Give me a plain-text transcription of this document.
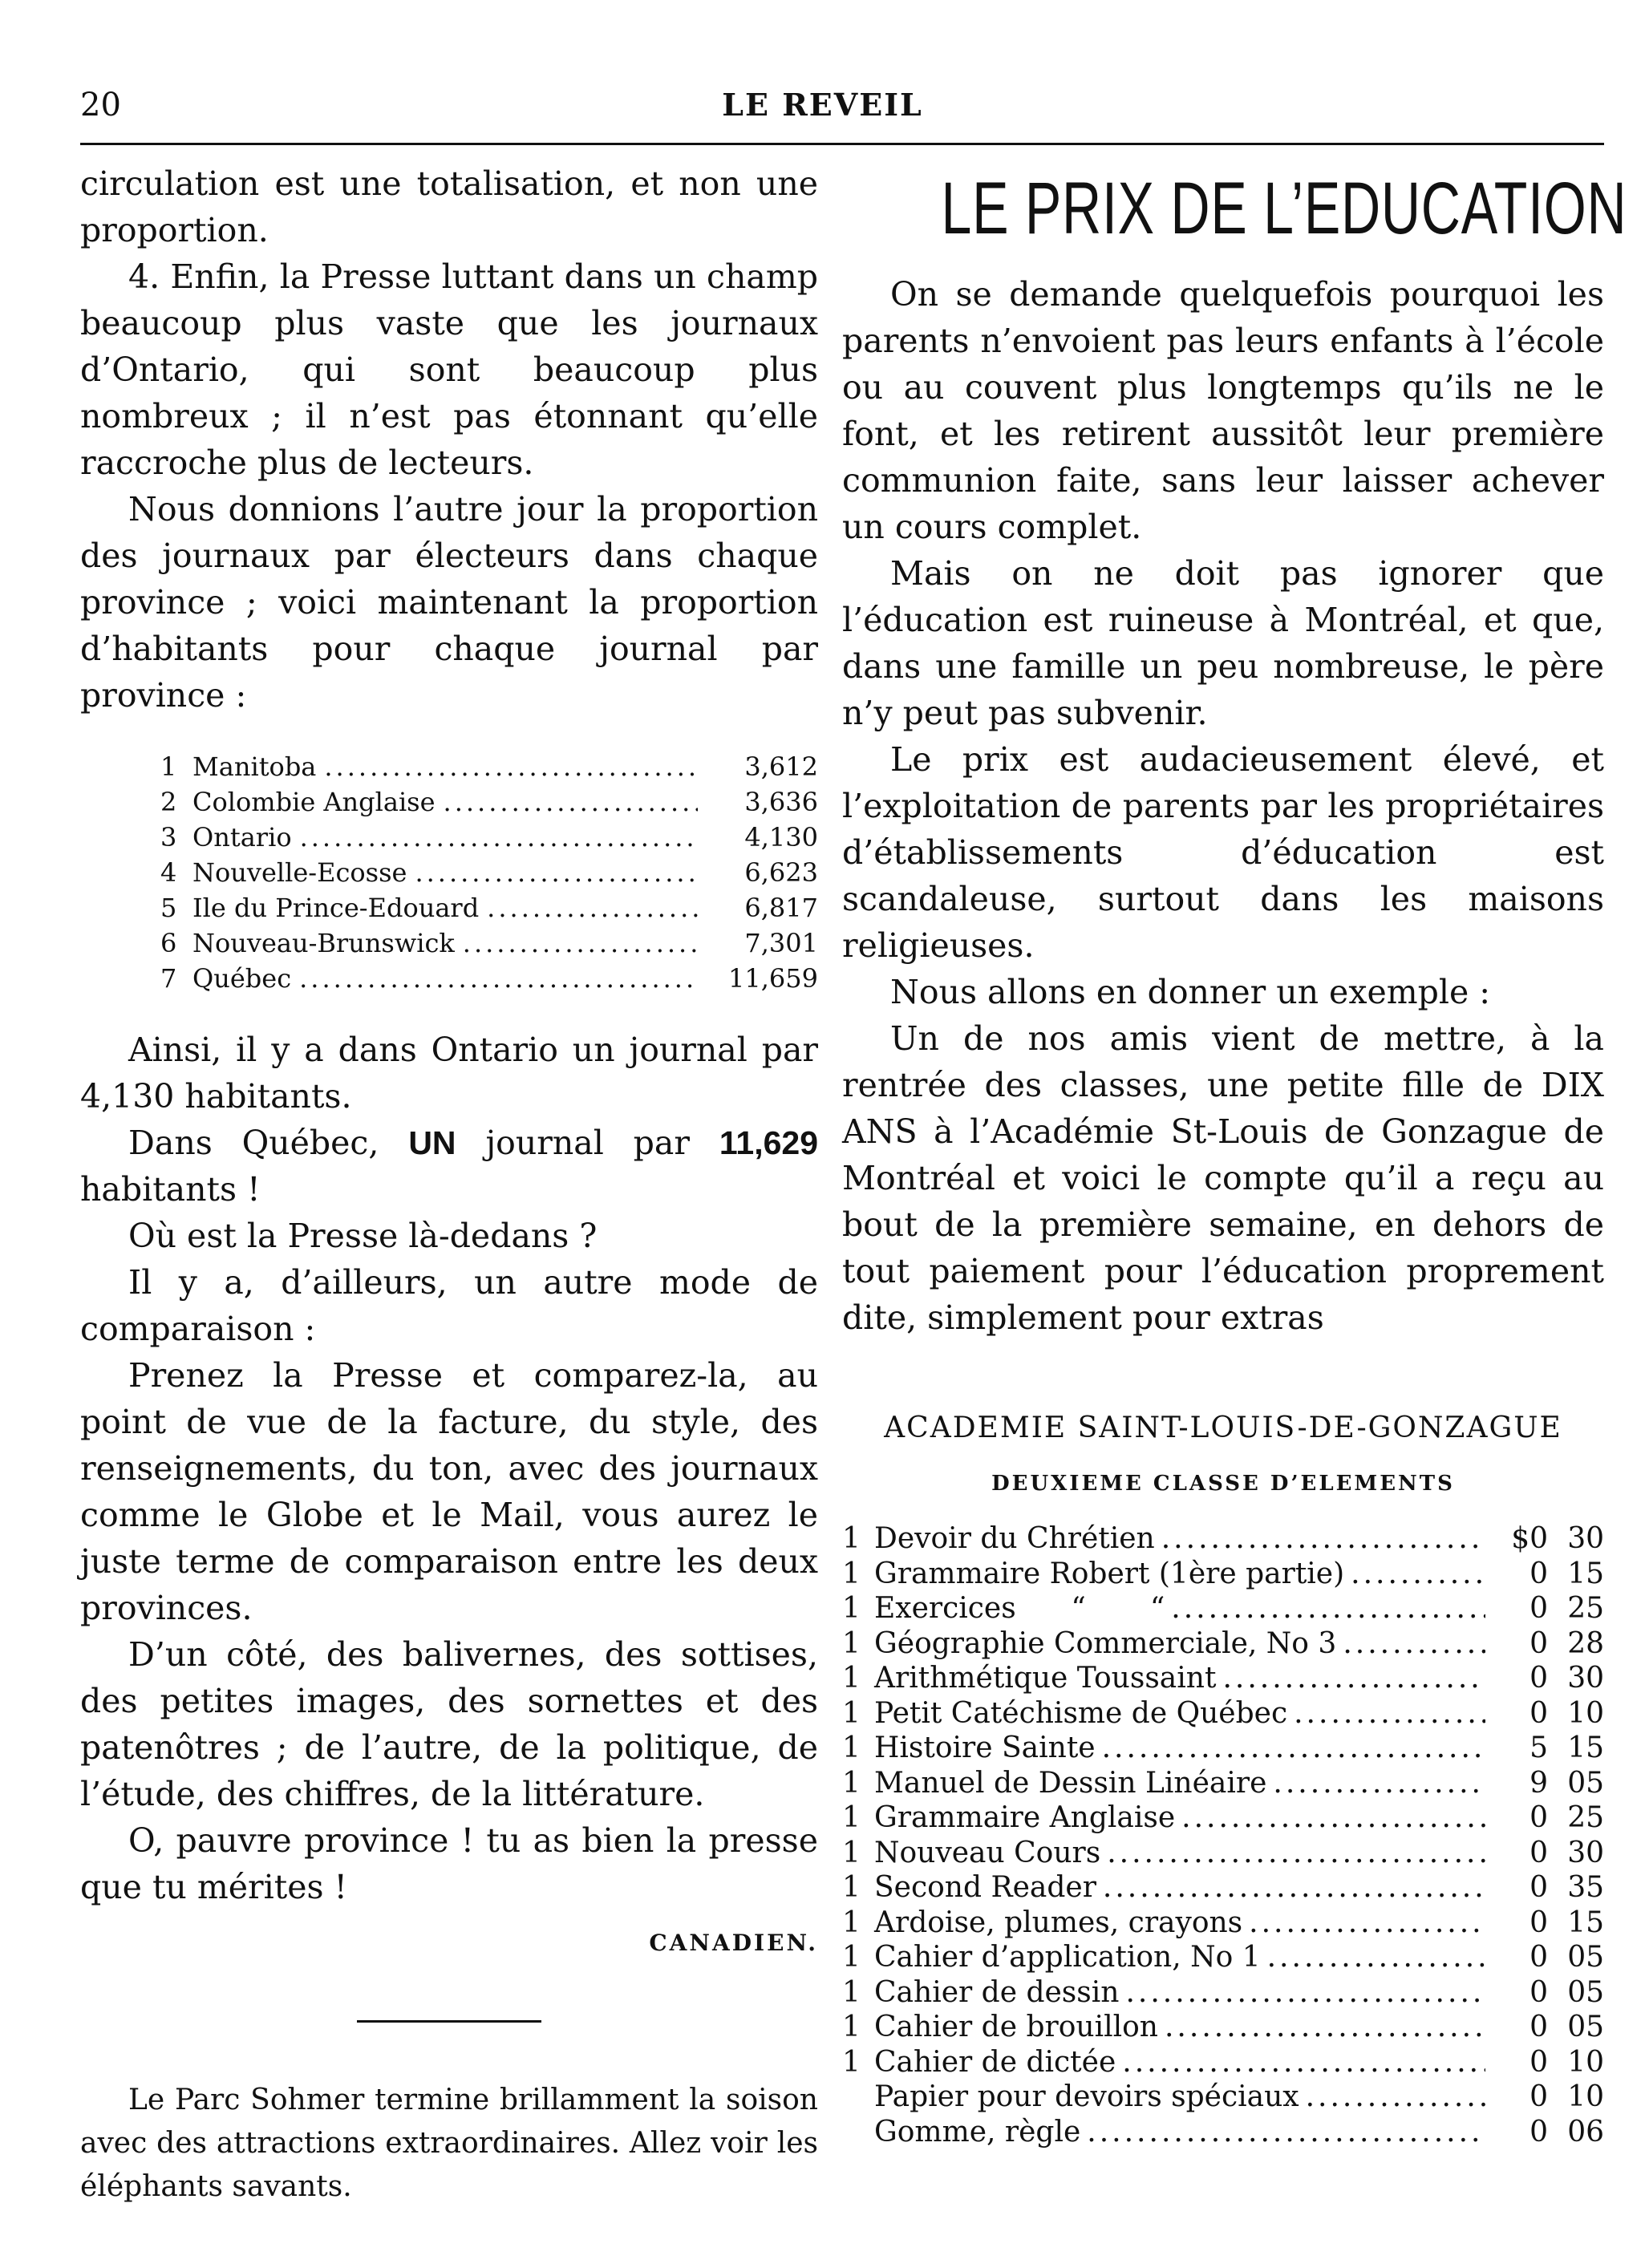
20	LE REVEIL

circulation est une totalisation, et non une proportion.

4. Enfin, la Presse luttant dans un champ beaucoup plus vaste que les journaux d’Ontario, qui sont beaucoup plus nombreux ; il n’est pas étonnant qu’elle raccroche plus de lecteurs.

Nous donnions l’autre jour la proportion des journaux par électeurs dans chaque province ; voici maintenant la proportion d’habitants pour chaque journal par province :

1 Manitoba .....	3,612
2 Colombie Anglaise .....	3,636
3 Ontario .....	4,130
4 Nouvelle-Ecosse .....	6,623
5 Ile du Prince-Edouard .....	6,817
6 Nouveau-Brunswick .....	7,301
7 Québec .....	11,659

Ainsi, il y a dans Ontario un journal par 4,130 habitants.

Dans Québec, UN journal par 11,629 habitants !

Où est la Presse là-dedans ?

Il y a, d’ailleurs, un autre mode de comparaison :

Prenez la Presse et comparez-la, au point de vue de la facture, du style, des renseignements, du ton, avec des journaux comme le Globe et le Mail, vous aurez le juste terme de comparaison entre les deux provinces.

D’un côté, des balivernes, des sottises, des petites images, des sornettes et des patenôtres ; de l’autre, de la politique, de l’étude, des chiffres, de la littérature.

O, pauvre province ! tu as bien la presse que tu mérites !

CANADIEN.

Le Parc Sohmer termine brillamment la soison avec des attractions extraordinaires. Allez voir les éléphants savants.

LE PRIX DE L’EDUCATION

On se demande quelquefois pourquoi les parents n’envoient pas leurs enfants à l’école ou au couvent plus longtemps qu’ils ne le font, et les retirent aussitôt leur première communion faite, sans leur laisser achever un cours complet.

Mais on ne doit pas ignorer que l’éducation est ruineuse à Montréal, et que, dans une famille un peu nombreuse, le père n’y peut pas subvenir.

Le prix est audacieusement élevé, et l’exploitation de parents par les propriétaires d’établissements d’éducation est scandaleuse, surtout dans les maisons religieuses.

Nous allons en donner un exemple :

Un de nos amis vient de mettre, à la rentrée des classes, une petite fille de DIX ANS à l’Académie St-Louis de Gonzague de Montréal et voici le compte qu’il a reçu au bout de la première semaine, en dehors de tout paiement pour l’éducation proprement dite, simplement pour extras

ACADEMIE SAINT-LOUIS-DE-GONZAGUE
DEUXIEME CLASSE D’ELEMENTS
1 Devoir du Chrétien .....	$0 30
1 Grammaire Robert (1ère partie) .....	0 15
1 Exercices      “       “ .....	0 25
1 Géographie Commerciale, No 3 .....	0 28
1 Arithmétique Toussaint .....	0 30
1 Petit Catéchisme de Québec .....	0 10
1 Histoire Sainte .....	5 15
1 Manuel de Dessin Linéaire .....	9 05
1 Grammaire Anglaise .....	0 25
1 Nouveau Cours .....	0 30
1 Second Reader .....	0 35
1 Ardoise, plumes, crayons .....	0 15
1 Cahier d’application, No 1 .....	0 05
1 Cahier de dessin .....	0 05
1 Cahier de brouillon .....	0 05
1 Cahier de dictée .....	0 10
Papier pour devoirs spéciaux .....	0 10
Gomme, règle .....	0 06
